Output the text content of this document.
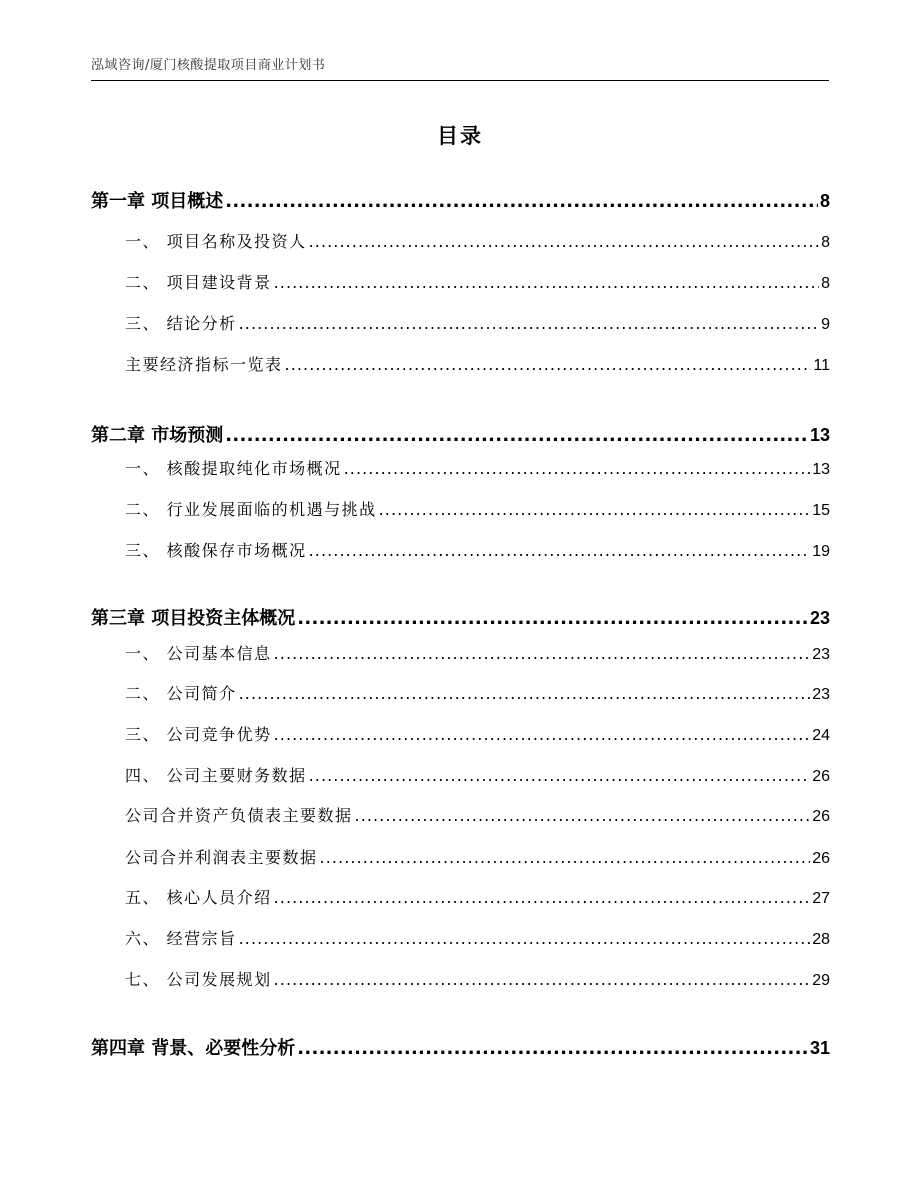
泓域咨询/厦门核酸提取项目商业计划书
目录
第一章 项目概述 . . .	8
一、 项目名称及投资人 . . .	8
二、 项目建设背景 . . .	8
三、 结论分析 . . .	9
主要经济指标一览表 . . .	11
第二章 市场预测 . . .	13
一、 核酸提取纯化市场概况 . . .	13
二、 行业发展面临的机遇与挑战 . . .	15
三、 核酸保存市场概况 . . .	19
第三章 项目投资主体概况 . . .	23
一、 公司基本信息 . . .	23
二、 公司简介 . . .	23
三、 公司竞争优势 . . .	24
四、 公司主要财务数据 . . .	26
公司合并资产负债表主要数据 . . .	26
公司合并利润表主要数据 . . .	26
五、 核心人员介绍 . . .	27
六、 经营宗旨 . . .	28
七、 公司发展规划 . . .	29
第四章 背景、必要性分析 . . .	31
